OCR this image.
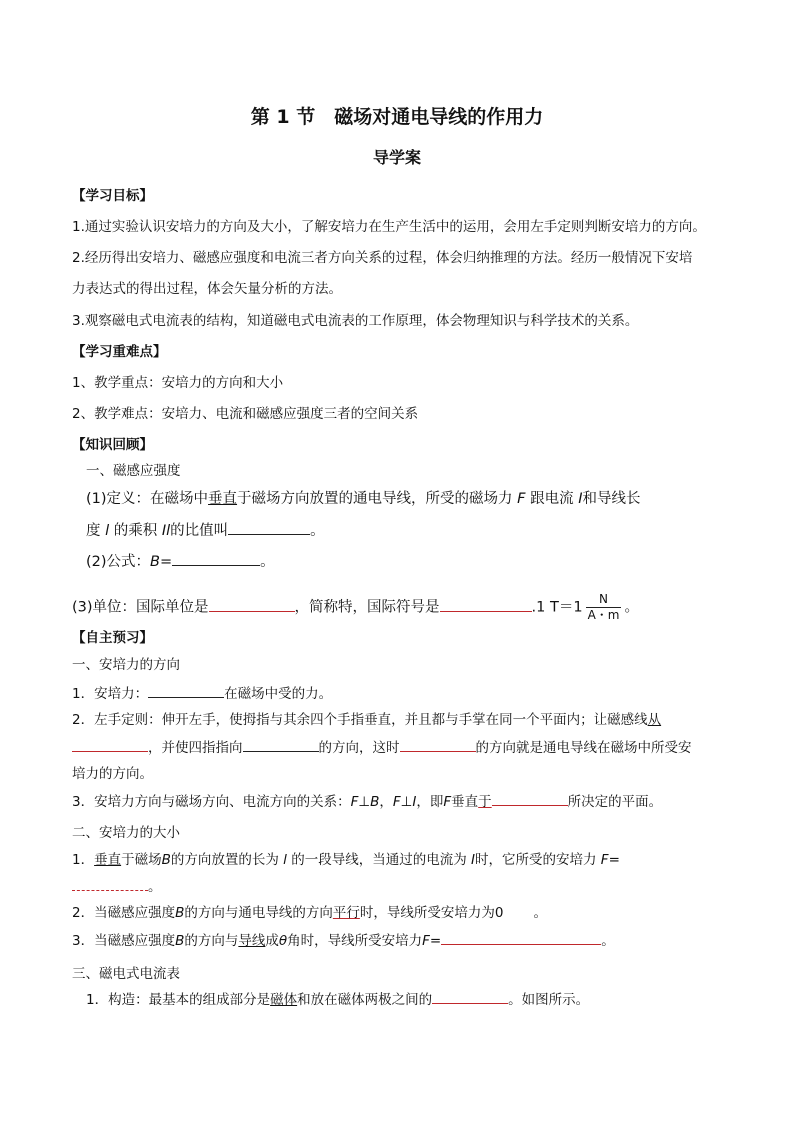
第 1 节　磁场对通电导线的作用力
导学案
【学习目标】
1.通过实验认识安培力的方向及大小，了解安培力在生产生活中的运用，会用左手定则判断安培力的方向。
2.经历得出安培力、磁感应强度和电流三者方向关系的过程，体会归纳推理的方法。经历一般情况下安培
力表达式的得出过程，体会矢量分析的方法。
3.观察磁电式电流表的结构，知道磁电式电流表的工作原理，体会物理知识与科学技术的关系。
【学习重难点】
1、教学重点：安培力的方向和大小
2、教学难点：安培力、电流和磁感应强度三者的空间关系
【知识回顾】
一、磁感应强度
(1)定义：在磁场中垂直于磁场方向放置的通电导线，所受的磁场力 F 跟电流 I和导线长
度 l 的乘积 Il的比值叫	。
(2)公式：B=	。
(3)单位：国际单位是	，简称特，国际符号是	.1 $T=1 \frac{N}{A・m}$ 。
【自主预习】
一、安培力的方向
1．安培力：	在磁场中受的力。
2．左手定则：伸开左手，使拇指与其余四个手指垂直，并且都与手掌在同一个平面内；让磁感线从
，并使四指指向	的方向，这时	的方向就是通电导线在磁场中所受安
培力的方向。
3．安培力方向与磁场方向、电流方向的关系：F⊥B，F⊥I，即F垂直于	所决定的平面。
二、安培力的大小
1．垂直于磁场B的方向放置的长为 l 的一段导线，当通过的电流为 I时，它所受的安培力 F=
。
2．当磁感应强度B的方向与通电导线的方向平行时，导线所受安培力为0 。
3．当磁感应强度B的方向与导线成θ角时，导线所受安培力F=	。
三、磁电式电流表
1．构造：最基本的组成部分是磁体和放在磁体两极之间的	。如图所示。
